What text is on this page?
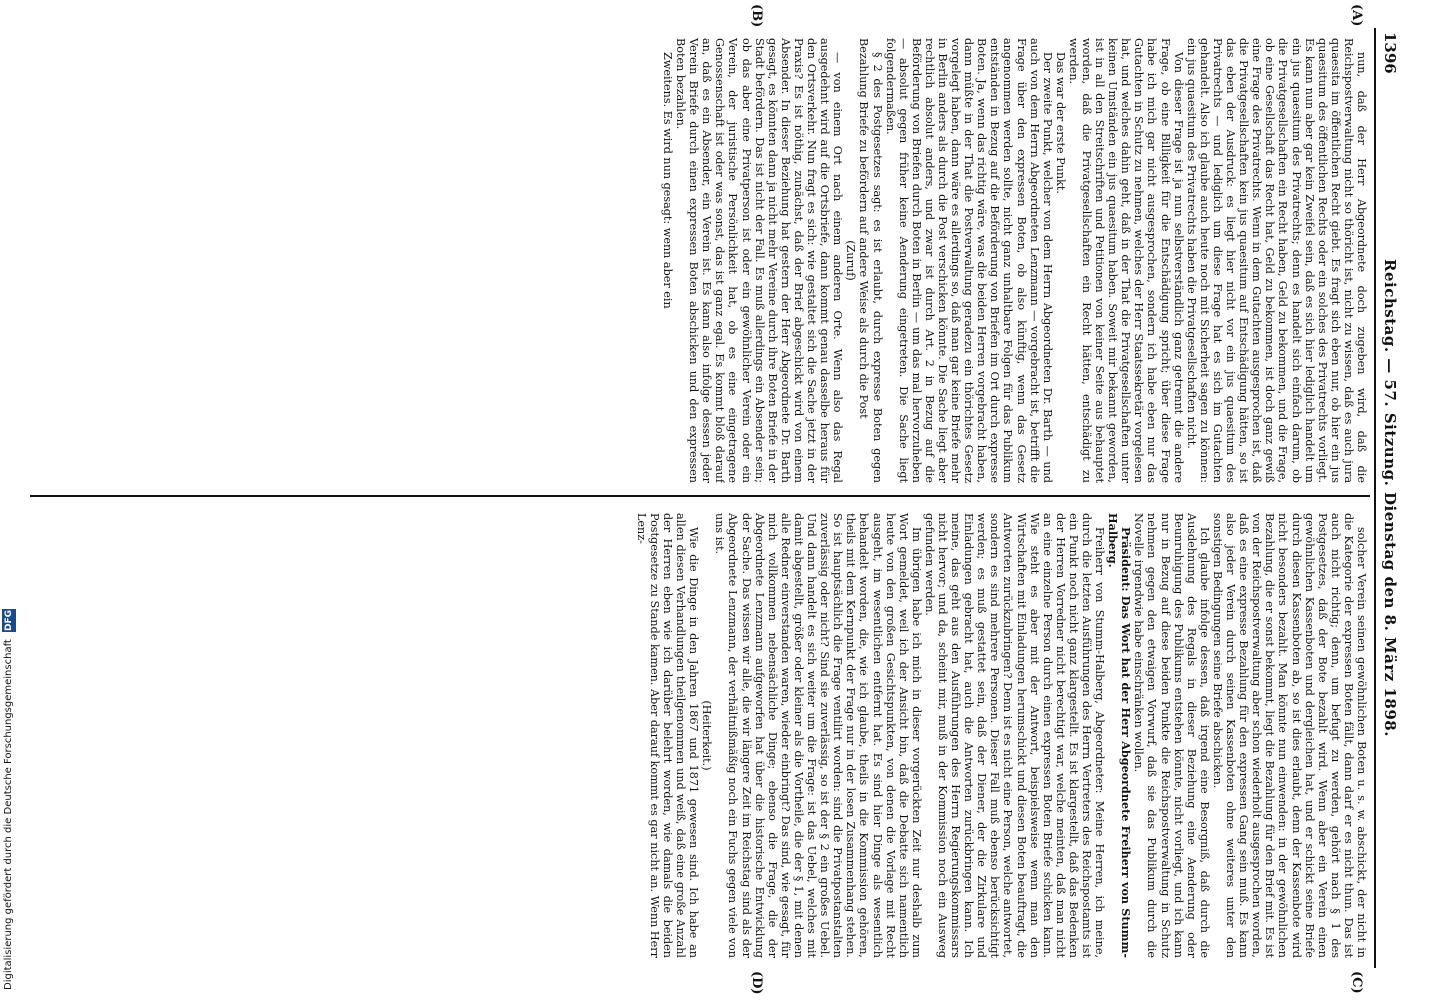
1396
Reichstag. — 57. Sitzung. Dienstag den 8. März 1898.
(A)
(B)
(C)
(D)

nun, daß der Herr Abgeordnete doch zugeben wird, daß die Reichspostverwaltung nicht so thöricht ist, nicht zu wissen, daß es auch jura quaesita im öffentlichen Recht giebt. Es fragt sich eben nur, ob hier ein jus quaesitum des öffentlichen Rechts oder ein solches des Privatrechts vorliegt. Es kann nun aber gar kein Zweifel sein, daß es sich hier lediglich handelt um ein jus quaesitum des Privatrechts; denn es handelt sich einfach darum, ob die Privatgesellschaften ein Recht haben, Geld zu bekommen, und die Frage, ob eine Gesellschaft das Recht hat, Geld zu bekommen, ist doch ganz gewiß eine Frage des Privatrechts. Wenn in dem Gutachten ausgesprochen ist, daß die Privatgesellschaften kein jus quaesitum auf Entschädigung hätten, so ist das eben der Ausdruck: es liegt hier nicht vor ein jus quaesitum des Privatrechts — und lediglich um diese Frage hat es sich im Gutachten gehandelt. Also ich glaube auch heute noch mit Sicherheit sagen zu können: ein jus quaesitum des Privatrechts haben die Privatgesellschaften nicht.

Von dieser Frage ist ja nun selbstverständlich ganz getrennt die andere Frage, ob eine Billigkeit für die Entschädigung spricht; über diese Frage habe ich mich gar nicht ausgesprochen, sondern ich habe eben nur das Gutachten in Schutz zu nehmen, welches der Herr Staatssekretär vorgelesen hat, und welches dahin geht, daß in der That die Privatgesellschaften unter keinen Umständen ein jus quaesitum haben. Soweit mir bekannt geworden, ist in all den Streitschriften und Petitionen von keiner Seite aus behauptet worden, daß die Privatgesellschaften ein Recht hätten, entschädigt zu werden.

Das war der erste Punkt.

Der zweite Punkt, welcher von dem Herrn Abgeordneten Dr. Barth — und auch von dem Herrn Abgeordneten Lenzmann — vorgebracht ist, betrifft die Frage über den expressen Boten, ob also künftig, wenn das Gesetz angenommen werden sollte, nicht ganz unhaltbare Folgen für das Publikum entständen in Bezug auf die Beförderung von Briefen im Ort durch expresse Boten. Ja, wenn das richtig wäre, was die beiden Herren vorgebracht haben, dann müßte in der That die Postverwaltung geradezu ein thörichtes Gesetz vorgelegt haben, dann wäre es allerdings so, daß man gar keine Briefe mehr in Berlin anders als durch die Post verschicken könnte. Die Sache liegt aber rechtlich absolut anders, und zwar ist durch Art. 2 in Bezug auf die Beförderung von Briefen durch Boten in Berlin — um das mal hervorzuheben — absolut gegen früher keine Aenderung eingetreten. Die Sache liegt folgendermaßen.

§ 2 des Postgesetzes sagt: es ist erlaubt, durch expresse Boten gegen Bezahlung Briefe zu befördern auf andere Weise als durch die Post

(Zuruf)

— von einem Ort nach einem anderen Orte. Wenn also das Regal ausgedehnt wird auf die Ortsbriefe, dann kommt genau dasselbe heraus für den Ortsverkehr. Nun fragt es sich: wie gestaltet sich die Sache jetzt in der Praxis? Es ist nöthig, zunächst, daß der Brief abgeschickt wird von einem Absender. In dieser Beziehung hat gestern der Herr Abgeordnete Dr. Barth gesagt, es könnten dann ja nicht mehr Vereine durch ihre Boten Briefe in der Stadt befördern. Das ist nicht der Fall. Es muß allerdings ein Absender sein; ob das aber eine Privatperson ist oder ein gewöhnlicher Verein oder ein Verein, der juristische Persönlichkeit hat, ob es eine eingetragene Genossenschaft ist oder was sonst, das ist ganz egal. Es kommt bloß darauf an, daß es ein Absender, ein Verein ist. Es kann also infolge dessen jeder Verein Briefe durch einen expressen Boten abschicken und den expressen Boten bezahlen.

Zweitens. Es wird nun gesagt: wenn aber ein

solcher Verein seinen gewöhnlichen Boten u. s. w. abschickt, der nicht in die Kategorie der expressen Boten fällt, dann darf er es nicht thun. Das ist auch nicht richtig; denn, um befugt zu werden, gehört nach § 1 des Postgesetzes, daß der Bote bezahlt wird. Wenn aber ein Verein einen gewöhnlichen Kassenboten und dergleichen hat, und er schickt seine Briefe durch diesen Kassenboten ab, so ist dies erlaubt, denn der Kassenbote wird nicht besonders bezahlt. Man könnte nun einwenden: in der gewöhnlichen Bezahlung, die er sonst bekommt, liegt die Bezahlung für den Brief mit. Es ist von der Reichspostverwaltung aber schon wiederholt ausgesprochen worden, daß es eine expresse Bezahlung für den expressen Gang sein muß. Es kann also jeder Verein durch seinen Kassenboten ohne weiteres unter den sonstigen Bedingungen seine Briefe abschicken.

Ich glaube infolge dessen, daß irgend eine Besorgniß, daß durch die Ausdehnung des Regals in dieser Beziehung eine Aenderung oder Beunruhigung des Publikums entstehen könnte, nicht vorliegt, und ich kann nur in Bezug auf diese beiden Punkte die Reichspostverwaltung in Schutz nehmen gegen den etwaigen Vorwurf, daß sie das Publikum durch die Novelle irgendwie habe einschränken wollen.

Präsident: Das Wort hat der Herr Abgeordnete Freiherr von Stumm-Halberg.

Freiherr von Stumm-Halberg, Abgeordneter: Meine Herren, ich meine, durch die letzten Ausführungen des Herrn Vertreters des Reichspostamts ist ein Punkt noch nicht ganz klargestellt. Es ist klargestellt, daß das Bedenken der Herren Vorredner nicht berechtigt war, welche meinten, daß man nicht an eine einzelne Person durch einen expressen Boten Briefe schicken kann. Wie steht es aber mit der Antwort, beispielsweise wenn man den Wirtschaften mit Einladungen herumschickt und diesen Boten beauftragt, die Antworten zurückzubringen? Denn ist es nicht eine Person, welche antwortet, sondern es sind mehrere Personen. Dieser Fall muß ebenso berücksichtigt werden; es muß gestattet sein, daß der Diener, der die Zirkulare und Einladungen gebracht hat, auch die Antworten zurückbringen kann. Ich meine, das geht aus den Ausführungen des Herrn Regierungskommissars nicht hervor; und da, scheint mir, muß in der Kommission noch ein Ausweg gefunden werden.

Im übrigen habe ich mich in dieser vorgerückten Zeit nur deshalb zum Wort gemeldet, weil ich der Ansicht bin, daß die Debatte sich namentlich heute von den großen Gesichtspunkten, von denen die Vorlage mit Recht ausgeht, im wesentlichen entfernt hat. Es sind hier Dinge als wesentlich behandelt worden, die, wie ich glaube, theils in die Kommission gehören, theils mit dem Kernpunkt der Frage nur in der losen Zusammenhang stehen. So ist hauptsächlich die Frage ventilirt worden: sind die Privatpostanstalten zuverlässig oder nicht? Sind sie zuverlässig, so ist der § 2 ein großes Uebel. Und dann handelt es sich weiter um die Frage: ist das Uebel, welches mit damit abgestellt, größer oder kleiner als die Vortheile, die der § 1, mit denen alle Redner einverstanden waren, wieder einbringt? Das sind, wie gesagt, für mich vollkommen nebensächliche Dinge; ebenso die Frage, die der Abgeordnete Lenzmann aufgeworfen hat über die historische Entwicklung der Sache. Das wissen wir alle, die wir längere Zeit im Reichstag sind als der Abgeordnete Lenzmann, der verhältnißmäßig noch ein Fuchs gegen viele von uns ist.

(Heiterkeit.)

Wie die Dinge in den Jahren 1867 und 1871 gewesen sind. Ich habe an allen diesen Verhandlungen theilgenommen und weiß, daß eine große Anzahl der Herren eben wie ich darüber belehrt worden, wie damals die beiden Postgesetze zu Stande kamen. Aber darauf kommt es gar nicht an. Wenn Herr Lenz-

Digitalisierung gefördert durch die Deutsche Forschungsgemeinschaft DFG
